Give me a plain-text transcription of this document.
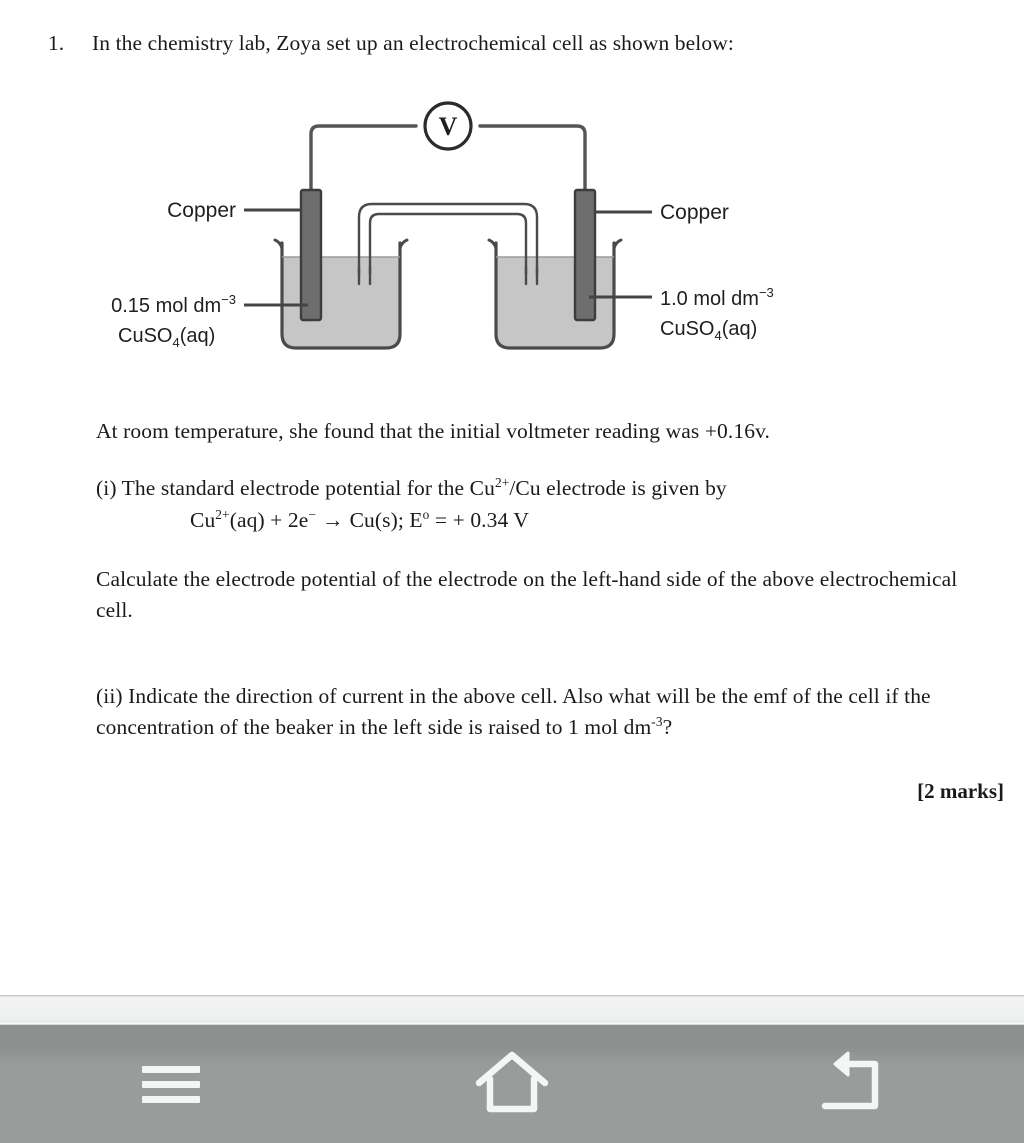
1.	In the chemistry lab, Zoya set up an electrochemical cell as shown below:
V
Copper	Copper
0.15 mol $dm^{-3}$
CuSO$_4$(aq)
1.0 mol $dm^{-3}$
CuSO$_4$(aq)
At room temperature, she found that the initial voltmeter reading was +0.16v.
(i) The standard electrode potential for the $Cu^{2+}/Cu$ electrode is given by
$Cu^{2+}(aq) + 2e^- \to Cu(s)$; $E^o$ = + 0.34 V
Calculate the electrode potential of the electrode on the left-hand side of the above electrochemical cell.
(ii) Indicate the direction of current in the above cell. Also what will be the emf of the cell if the concentration of the beaker in the left side is raised to 1 mol $dm^{-3}$?
[2 marks]
